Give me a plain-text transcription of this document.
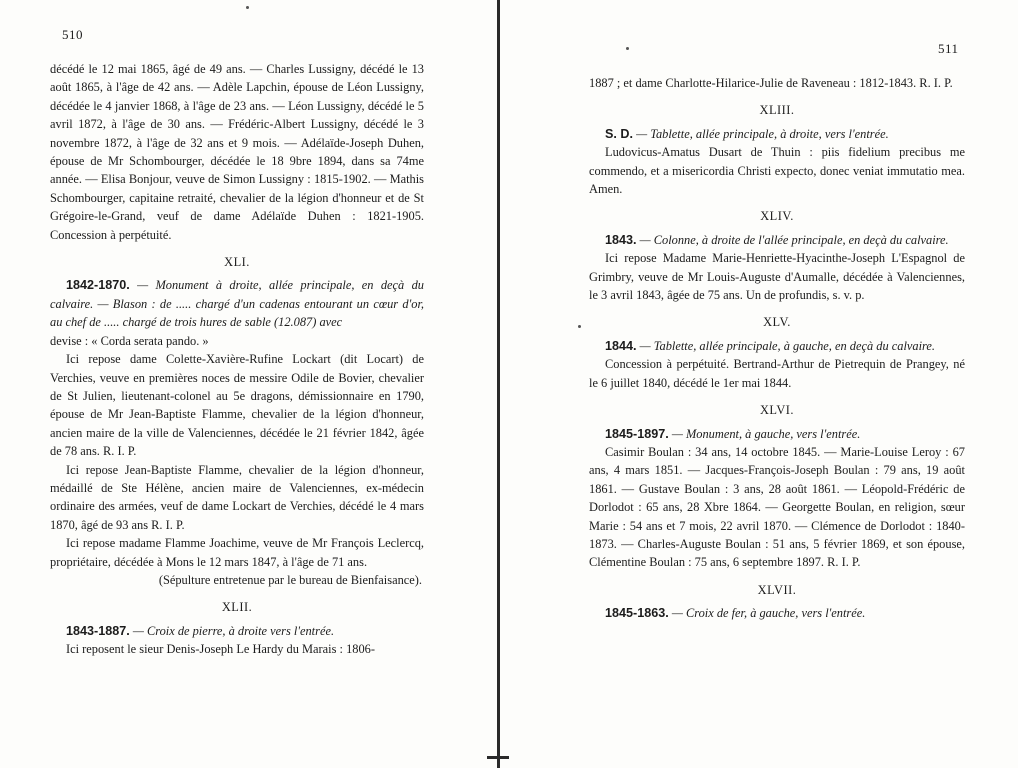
510

décédé le 12 mai 1865, âgé de 49 ans. — Charles Lussigny, décédé le 13 août 1865, à l'âge de 42 ans. — Adèle Lapchin, épouse de Léon Lussigny, décédée le 4 janvier 1868, à l'âge de 23 ans. — Léon Lussigny, décédé le 5 avril 1872, à l'âge de 30 ans. — Frédéric-Albert Lussigny, décédé le 3 novembre 1872, à l'âge de 32 ans et 9 mois. — Adélaïde-Joseph Duhen, épouse de Mr Schombourger, décédée le 18 9bre 1894, dans sa 74me année. — Elisa Bonjour, veuve de Simon Lussigny : 1815-1902. — Mathis Schombourger, capitaine retraité, chevalier de la légion d'honneur et de St Grégoire-le-Grand, veuf de dame Adélaïde Duhen : 1821-1905. Concession à perpétuité.

XLI.

1842-1870. — Monument à droite, allée principale, en deçà du calvaire. — Blason : de ..... chargé d'un cadenas entourant un cœur d'or, au chef de ..... chargé de trois hures de sable (12.087) avec

devise : « Corda serata pando. »

Ici repose dame Colette-Xavière-Rufine Lockart (dit Locart) de Verchies, veuve en premières noces de messire Odile de Bovier, chevalier de St Julien, lieutenant-colonel au 5e dragons, démissionnaire en 1790, épouse de Mr Jean-Baptiste Flamme, chevalier de la légion d'honneur, ancien maire de la ville de Valenciennes, décédée le 21 février 1842, âgée de 78 ans. R. I. P.

Ici repose Jean-Baptiste Flamme, chevalier de la légion d'honneur, médaillé de Ste Hélène, ancien maire de Valenciennes, ex-médecin ordinaire des armées, veuf de dame Lockart de Verchies, décédé le 4 mars 1870, âgé de 93 ans R. I. P.

Ici repose madame Flamme Joachime, veuve de Mr François Leclercq, propriétaire, décédée à Mons le 12 mars 1847, à l'âge de 71 ans.

(Sépulture entretenue par le bureau de Bienfaisance).

XLII.

1843-1887. — Croix de pierre, à droite vers l'entrée.

Ici reposent le sieur Denis-Joseph Le Hardy du Marais : 1806-

1887 ; et dame Charlotte-Hilarice-Julie de Raveneau : 1812-1843. R. I. P.

XLIII.

S. D. — Tablette, allée principale, à droite, vers l'entrée.

Ludovicus-Amatus Dusart de Thuin : piis fidelium precibus me commendo, et a misericordia Christi expecto, donec veniat immutatio mea. Amen.

XLIV.

1843. — Colonne, à droite de l'allée principale, en deçà du calvaire.

Ici repose Madame Marie-Henriette-Hyacinthe-Joseph L'Espagnol de Grimbry, veuve de Mr Louis-Auguste d'Aumalle, décédée à Valenciennes, le 3 avril 1843, âgée de 75 ans. Un de profundis, s. v. p.

XLV.

1844. — Tablette, allée principale, à gauche, en deçà du calvaire.

Concession à perpétuité. Bertrand-Arthur de Pietrequin de Prangey, né le 6 juillet 1840, décédé le 1er mai 1844.

XLVI.

1845-1897. — Monument, à gauche, vers l'entrée.

Casimir Boulan : 34 ans, 14 octobre 1845. — Marie-Louise Leroy : 67 ans, 4 mars 1851. — Jacques-François-Joseph Boulan : 79 ans, 19 août 1861. — Gustave Boulan : 3 ans, 28 août 1861. — Léopold-Frédéric de Dorlodot : 65 ans, 28 Xbre 1864. — Georgette Boulan, en religion, sœur Marie : 54 ans et 7 mois, 22 avril 1870. — Clémence de Dorlodot : 1840-1873. — Charles-Auguste Boulan : 51 ans, 5 février 1869, et son épouse, Clémentine Boulan : 75 ans, 6 septembre 1897. R. I. P.

XLVII.

1845-1863. — Croix de fer, à gauche, vers l'entrée.

511
